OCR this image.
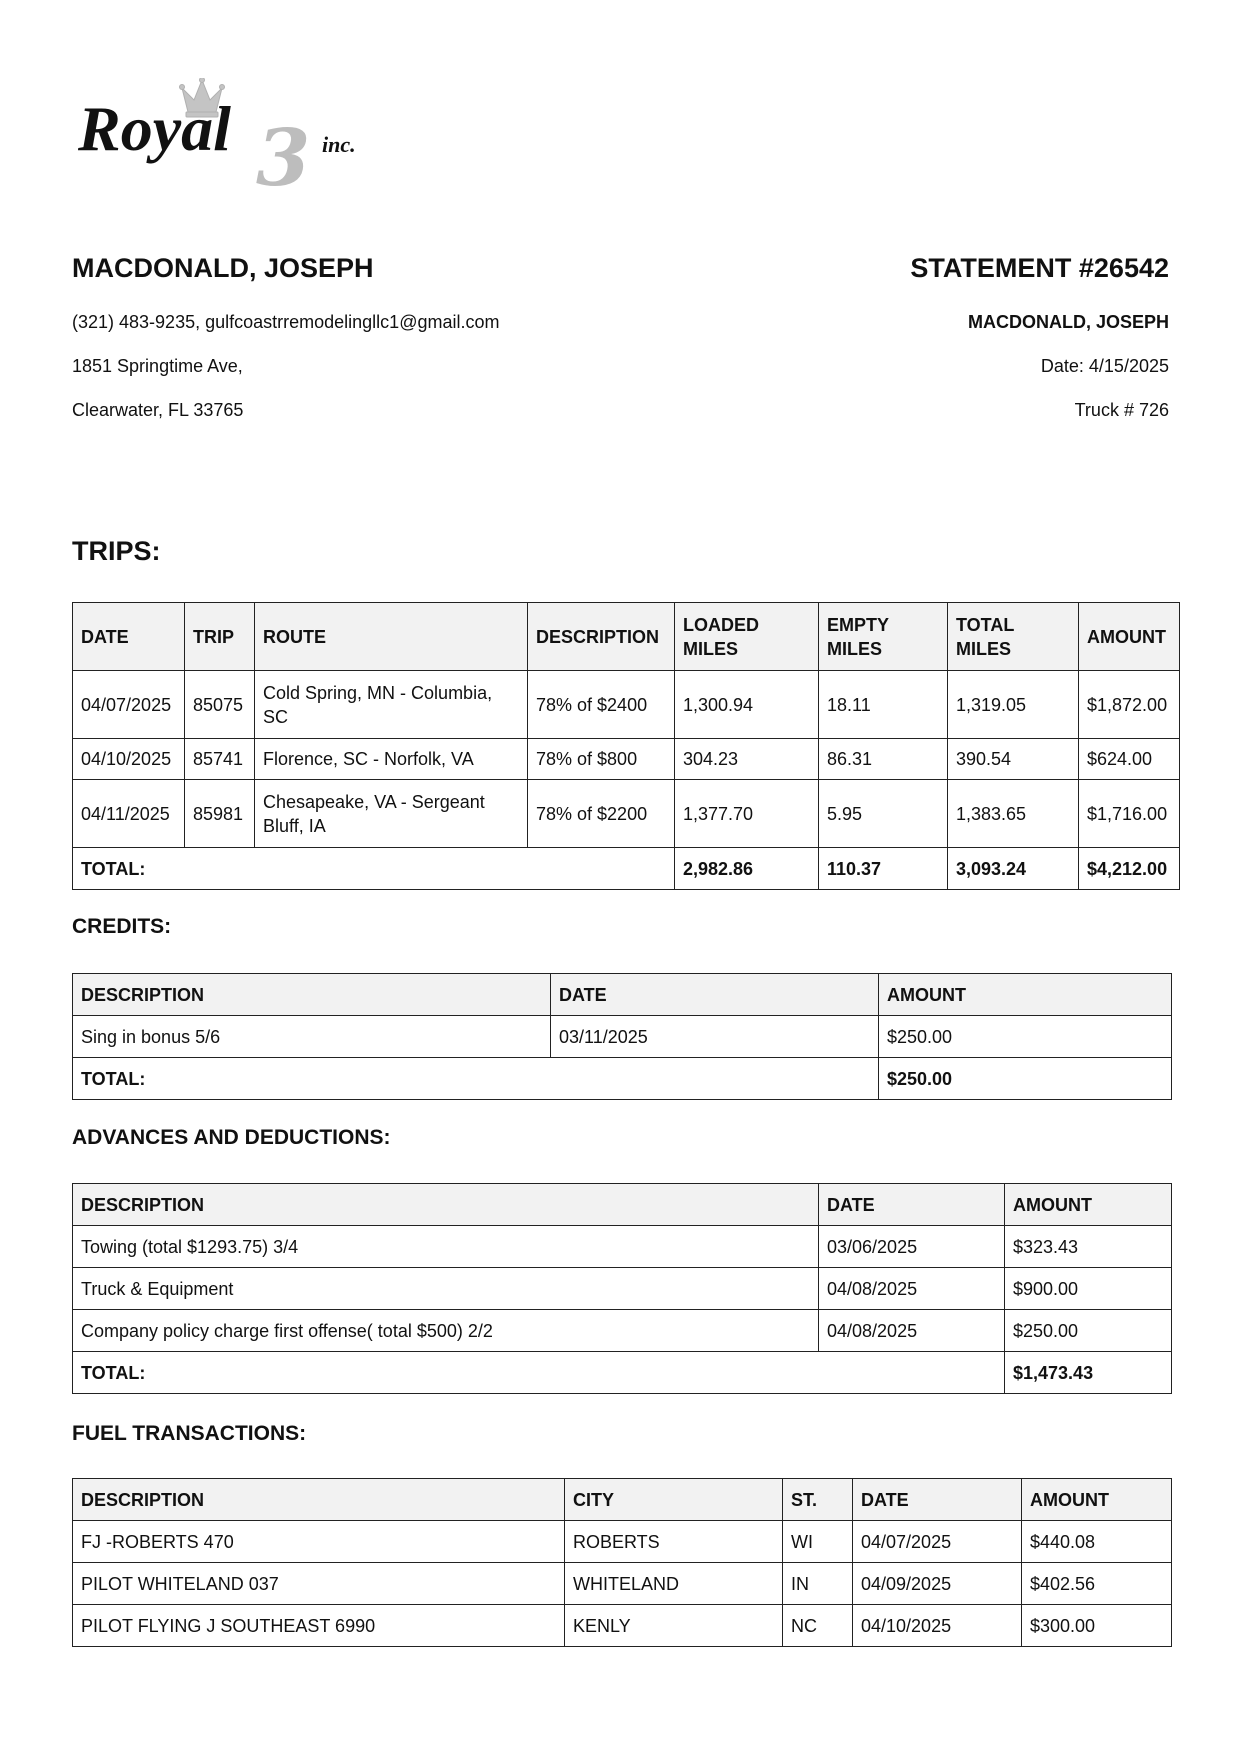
3
Royal	inc.
MACDONALD, JOSEPH

(321) 483-9235, gulfcoastrremodelingllc1@gmail.com

1851 Springtime Ave,

Clearwater, FL 33765

STATEMENT #26542

MACDONALD, JOSEPH

Date: 4/15/2025

Truck # 726

TRIPS:
DATE	TRIP	ROUTE	DESCRIPTION	LOADED MILES	EMPTY MILES	TOTAL MILES	AMOUNT
04/07/2025	85075	Cold Spring, MN - Columbia, SC	78% of $2400	1,300.94	18.11	1,319.05	$1,872.00
04/10/2025	85741	Florence, SC - Norfolk, VA	78% of $800	304.23	86.31	390.54	$624.00
04/11/2025	85981	Chesapeake, VA - Sergeant Bluff, IA	78% of $2200	1,377.70	5.95	1,383.65	$1,716.00
TOTAL:				2,982.86	110.37	3,093.24	$4,212.00
CREDITS:
DESCRIPTION	DATE	AMOUNT
Sing in bonus 5/6	03/11/2025	$250.00
TOTAL:		$250.00
ADVANCES AND DEDUCTIONS:
DESCRIPTION	DATE	AMOUNT
Towing (total $1293.75) 3/4	03/06/2025	$323.43
Truck & Equipment	04/08/2025	$900.00
Company policy charge first offense( total $500) 2/2	04/08/2025	$250.00
TOTAL:		$1,473.43
FUEL TRANSACTIONS:
DESCRIPTION	CITY	ST.	DATE	AMOUNT
FJ -ROBERTS 470	ROBERTS	WI	04/07/2025	$440.08
PILOT WHITELAND 037	WHITELAND	IN	04/09/2025	$402.56
PILOT FLYING J SOUTHEAST 6990	KENLY	NC	04/10/2025	$300.00
